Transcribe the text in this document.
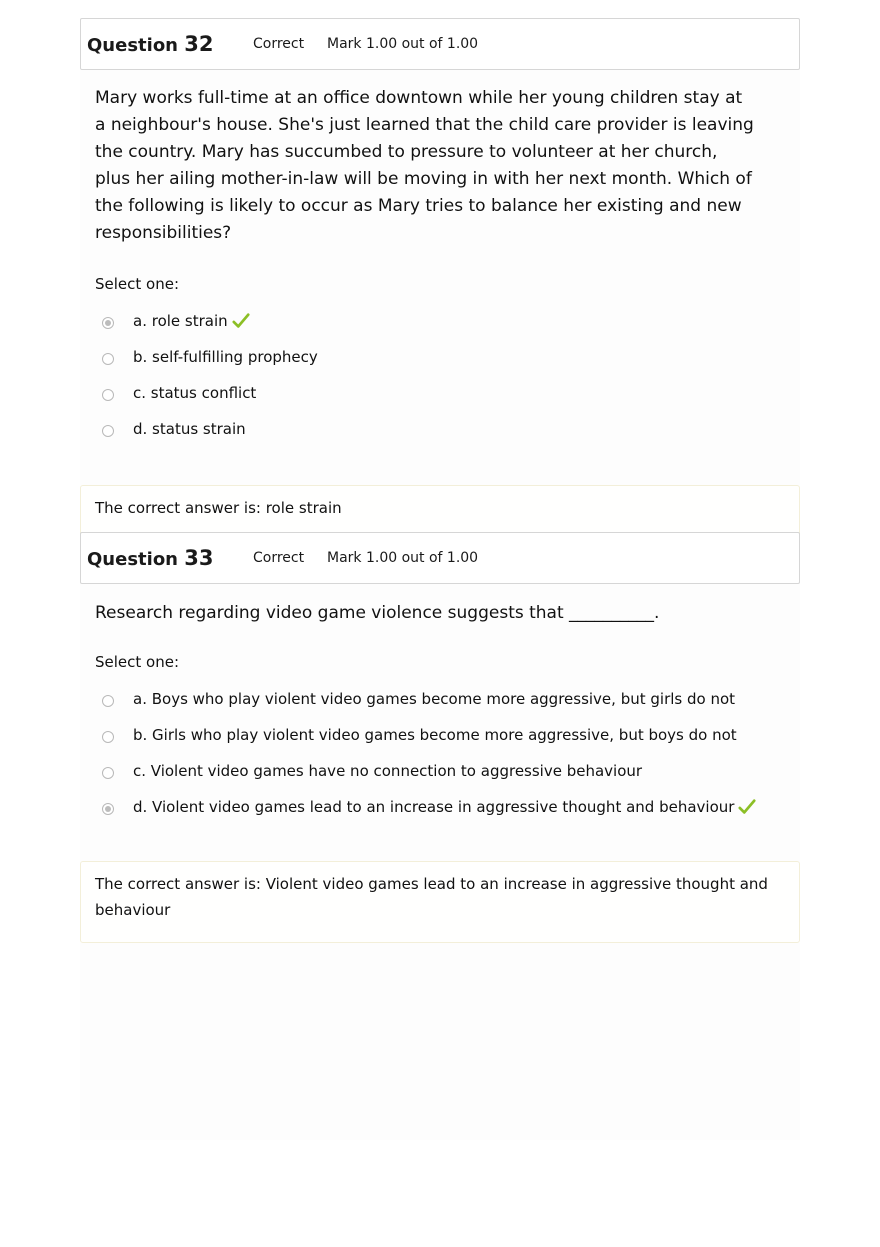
Question 32	Correct	Mark 1.00 out of 1.00
Mary works full-time at an office downtown while her young children stay at a neighbour's house. She's just learned that the child care provider is leaving the country. Mary has succumbed to pressure to volunteer at her church, plus her ailing mother-in-law will be moving in with her next month. Which of the following is likely to occur as Mary tries to balance her existing and new responsibilities?
Select one:
a. role strain
b. self-fulfilling prophecy
c. status conflict
d. status strain
The correct answer is: role strain
Question 33	Correct	Mark 1.00 out of 1.00
Research regarding video game violence suggests that __________.
Select one:
a. Boys who play violent video games become more aggressive, but girls do not
b. Girls who play violent video games become more aggressive, but boys do not
c. Violent video games have no connection to aggressive behaviour
d. Violent video games lead to an increase in aggressive thought and behaviour
The correct answer is: Violent video games lead to an increase in aggressive thought and behaviour
